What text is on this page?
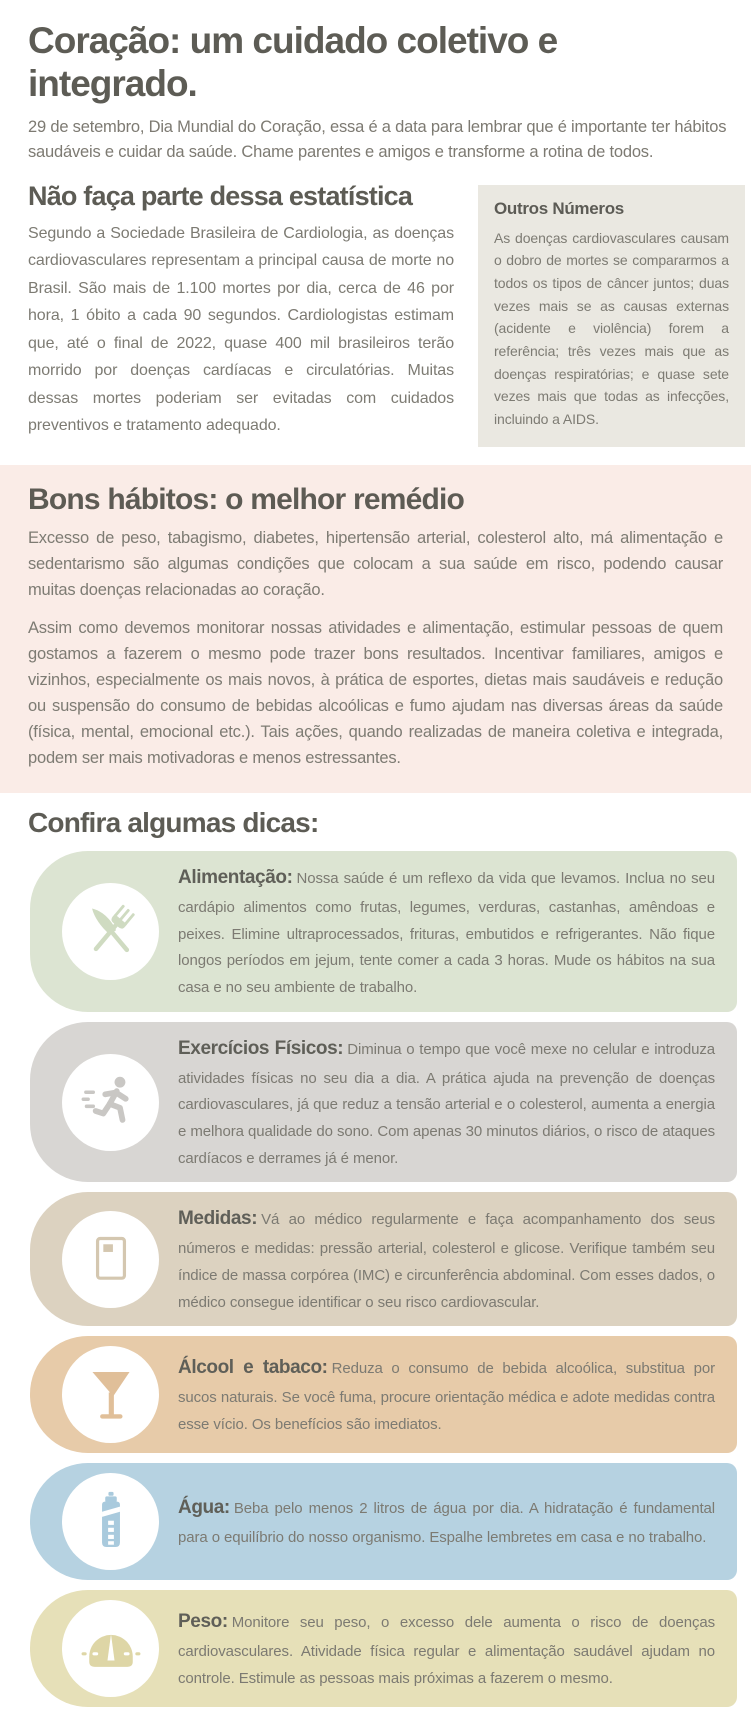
Coração: um cuidado coletivo e integrado.

29 de setembro, Dia Mundial do Coração, essa é a data para lembrar que é importante ter hábitos saudáveis e cuidar da saúde. Chame parentes e amigos e transforme a rotina de todos.

Não faça parte dessa estatística

Segundo a Sociedade Brasileira de Cardiologia, as doenças cardiovasculares representam a principal causa de morte no Brasil. São mais de 1.100 mortes por dia, cerca de 46 por hora, 1 óbito a cada 90 segundos. Cardiologistas estimam que, até o final de 2022, quase 400 mil brasileiros terão morrido por doenças cardíacas e circulatórias. Muitas dessas mortes poderiam ser evitadas com cuidados preventivos e tratamento adequado.

Outros Números

As doenças cardiovasculares causam o dobro de mortes se compararmos a todos os tipos de câncer juntos; duas vezes mais se as causas externas (acidente e violência) forem a referência; três vezes mais que as doenças respiratórias; e quase sete vezes mais que todas as infecções, incluindo a AIDS.

Bons hábitos: o melhor remédio

Excesso de peso, tabagismo, diabetes, hipertensão arterial, colesterol alto, má alimentação e sedentarismo são algumas condições que colocam a sua saúde em risco, podendo causar muitas doenças relacionadas ao coração.

Assim como devemos monitorar nossas atividades e alimentação, estimular pessoas de quem gostamos a fazerem o mesmo pode trazer bons resultados. Incentivar familiares, amigos e vizinhos, especialmente os mais novos, à prática de esportes, dietas mais saudáveis e redução ou suspensão do consumo de bebidas alcoólicas e fumo ajudam nas diversas áreas da saúde (física, mental, emocional etc.). Tais ações, quando realizadas de maneira coletiva e integrada, podem ser mais motivadoras e menos estressantes.

Confira algumas dicas:

Alimentação: Nossa saúde é um reflexo da vida que levamos. Inclua no seu cardápio alimentos como frutas, legumes, verduras, castanhas, amêndoas e peixes. Elimine ultraprocessados, frituras, embutidos e refrigerantes. Não fique longos períodos em jejum, tente comer a cada 3 horas. Mude os hábitos na sua casa e no seu ambiente de trabalho.

Exercícios Físicos: Diminua o tempo que você mexe no celular e introduza atividades físicas no seu dia a dia. A prática ajuda na prevenção de doenças cardiovasculares, já que reduz a tensão arterial e o colesterol, aumenta a energia e melhora qualidade do sono. Com apenas 30 minutos diários, o risco de ataques cardíacos e derrames já é menor.

Medidas: Vá ao médico regularmente e faça acompanhamento dos seus números e medidas: pressão arterial, colesterol e glicose. Verifique também seu índice de massa corpórea (IMC) e circunferência abdominal. Com esses dados, o médico consegue identificar o seu risco cardiovascular.

Álcool e tabaco: Reduza o consumo de bebida alcoólica, substitua por sucos naturais. Se você fuma, procure orientação médica e adote medidas contra esse vício. Os benefícios são imediatos.

Água: Beba pelo menos 2 litros de água por dia. A hidratação é fundamental para o equilíbrio do nosso organismo. Espalhe lembretes em casa e no trabalho.

Peso: Monitore seu peso, o excesso dele aumenta o risco de doenças cardiovasculares. Atividade física regular e alimentação saudável ajudam no controle. Estimule as pessoas mais próximas a fazerem o mesmo.
